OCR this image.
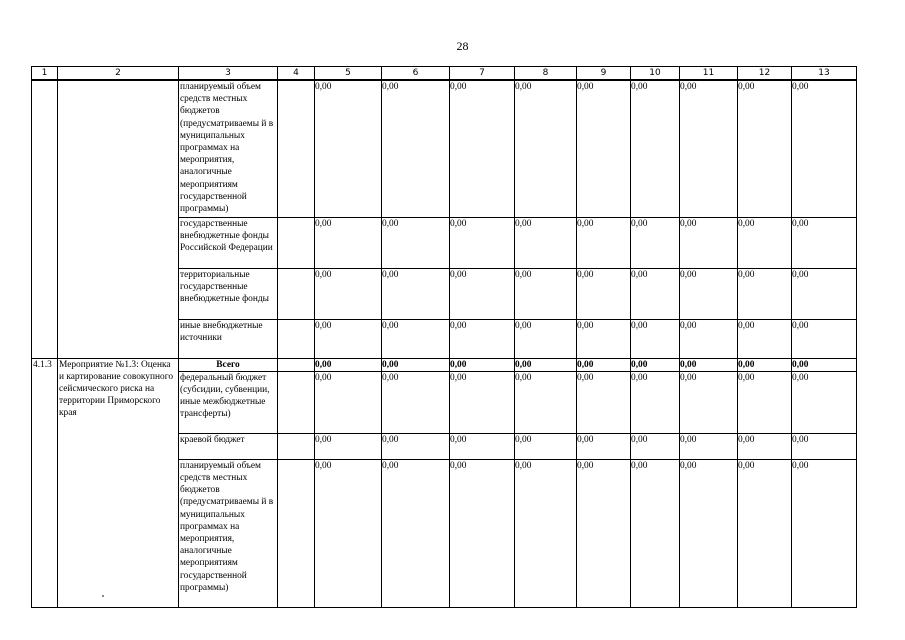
28
1	2	3	4	5	6	7	8	9	10	11	12	13
		планируемый объем средств местных бюджетов (предусматриваемы й в муниципальных программах на мероприятия, аналогичные мероприятиям государственной программы)		0,00	0,00	0,00	0,00	0,00	0,00	0,00	0,00	0,00
		государственные внебюджетные фонды Российской Федерации		0,00	0,00	0,00	0,00	0,00	0,00	0,00	0,00	0,00
		территориальные государственные внебюджетные фонды		0,00	0,00	0,00	0,00	0,00	0,00	0,00	0,00	0,00
		иные внебюджетные источники		0,00	0,00	0,00	0,00	0,00	0,00	0,00	0,00	0,00
4.1.3	Мероприятие №1.3: Оценка и картирование совокупного сейсмического риска на территории Приморского края	Всего		0,00	0,00	0,00	0,00	0,00	0,00	0,00	0,00	0,00
		федеральный бюджет (субсидии, субвенции, иные межбюджетные трансферты)		0,00	0,00	0,00	0,00	0,00	0,00	0,00	0,00	0,00
		краевой бюджет		0,00	0,00	0,00	0,00	0,00	0,00	0,00	0,00	0,00
		планируемый объем средств местных бюджетов (предусматриваемы й в муниципальных программах на мероприятия, аналогичные мероприятиям государственной программы)		0,00	0,00	0,00	0,00	0,00	0,00	0,00	0,00	0,00
